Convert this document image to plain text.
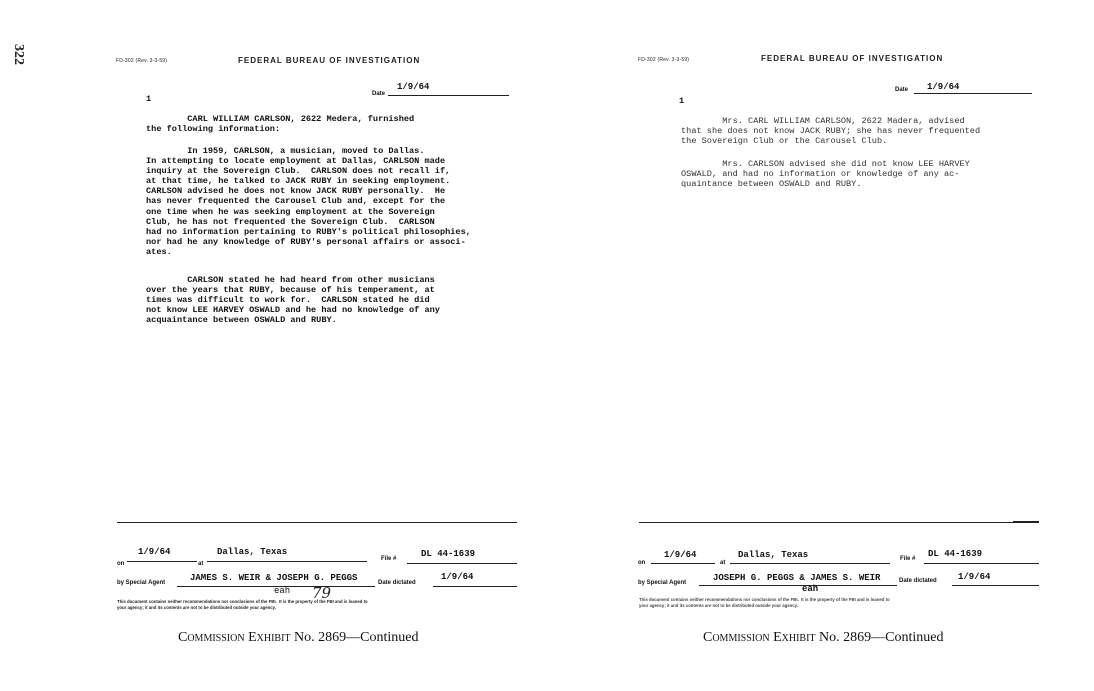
322	FD-302 (Rev. 3-3-59)	FEDERAL BUREAU OF INVESTIGATION
Date
1/9/64
1
CARL WILLIAM CARLSON, 2622 Medera, furnished
the following information:
In 1959, CARLSON, a musician, moved to Dallas.
In attempting to locate employment at Dallas, CARLSON made
inquiry at the Sovereign Club.  CARLSON does not recall if,
at that time, he talked to JACK RUBY in seeking employment.
CARLSON advised he does not know JACK RUBY personally.  He
has never frequented the Carousel Club and, except for the
one time when he was seeking employment at the Sovereign
Club, he has not frequented the Sovereign Club.  CARLSON
had no information pertaining to RUBY's political philosophies,
nor had he any knowledge of RUBY's personal affairs or associ-
ates.
CARLSON stated he had heard from other musicians
over the years that RUBY, because of his temperament, at
times was difficult to work for.  CARLSON stated he did
not know LEE HARVEY OSWALD and he had no knowledge of any
acquaintance between OSWALD and RUBY.
on
1/9/64
at
Dallas, Texas
File #	DL 44-1639
by Special Agent	JAMES S. WEIR & JOSEPH G. PEGGS	Date dictated
1/9/64
eah 79
This document contains neither recommendations nor conclusions of the FBI.  It is the property of the FBI and is loaned to
your agency; it and its contents are not to be distributed outside your agency.
Commission Exhibit No. 2869—Continued
FD-302 (Rev. 3-3-59)	FEDERAL BUREAU OF INVESTIGATION
Date 1/9/64
1
Mrs. CARL WILLIAM CARLSON, 2622 Madera, advised
that she does not know JACK RUBY; she has never frequented
the Sovereign Club or the Carousel Club.
Mrs. CARLSON advised she did not know LEE HARVEY
OSWALD, and had no information or knowledge of any ac-
quaintance between OSWALD and RUBY.
on
1/9/64
at
Dallas, Texas	File # DL 44-1639
by Special Agent	JOSEPH G. PEGGS & JAMES S. WEIR	Date dictated 1/9/64
eah
This document contains neither recommendations nor conclusions of the FBI.  It is the property of the FBI and is loaned to
your agency; it and its contents are not to be distributed outside your agency.
Commission Exhibit No. 2869—Continued
